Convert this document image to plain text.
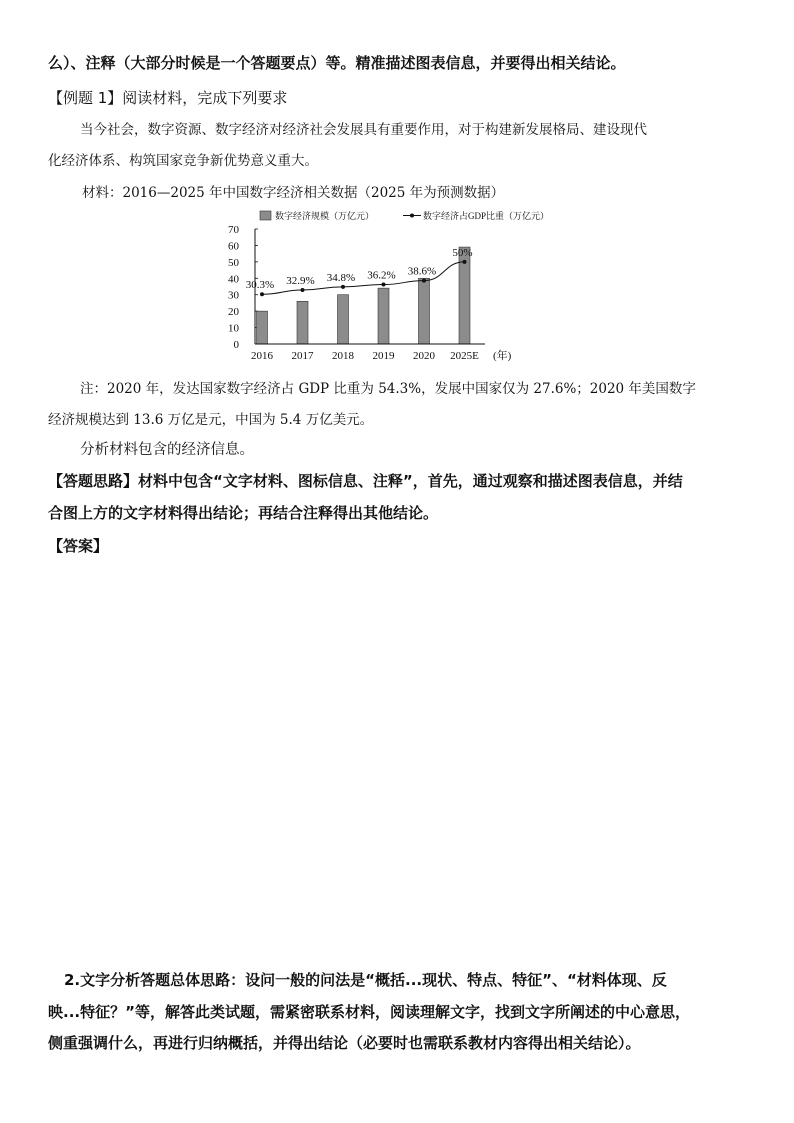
么）、注释（大部分时候是一个答题要点）等。精准描述图表信息，并要得出相关结论。
【例题 1】阅读材料，完成下列要求
当今社会，数字资源、数字经济对经济社会发展具有重要作用，对于构建新发展格局、建设现代
化经济体系、构筑国家竞争新优势意义重大。
材料：2016—2025 年中国数字经济相关数据（2025 年为预测数据）
数字经济规模（万亿元）	数字经济占GDP比重（万亿元）
0
10
20
30
40
50
60
70
30.3% 32.9% 34.8% 36.2% 38.6%
50%
2016 2017 2018 2019 2020 2025E (年)
注：2020 年，发达国家数字经济占 GDP 比重为 54.3%，发展中国家仅为 27.6%；2020 年美国数字
经济规模达到 13.6 万亿是元，中国为 5.4 万亿美元。
分析材料包含的经济信息。
【答题思路】材料中包含“文字材料、图标信息、注释”，首先，通过观察和描述图表信息，并结
合图上方的文字材料得出结论；再结合注释得出其他结论。
【答案】
2.文字分析答题总体思路：设问一般的问法是“概括...现状、特点、特征”、“材料体现、反
映...特征？”等，解答此类试题，需紧密联系材料，阅读理解文字，找到文字所阐述的中心意思，
侧重强调什么，再进行归纳概括，并得出结论（必要时也需联系教材内容得出相关结论）。
